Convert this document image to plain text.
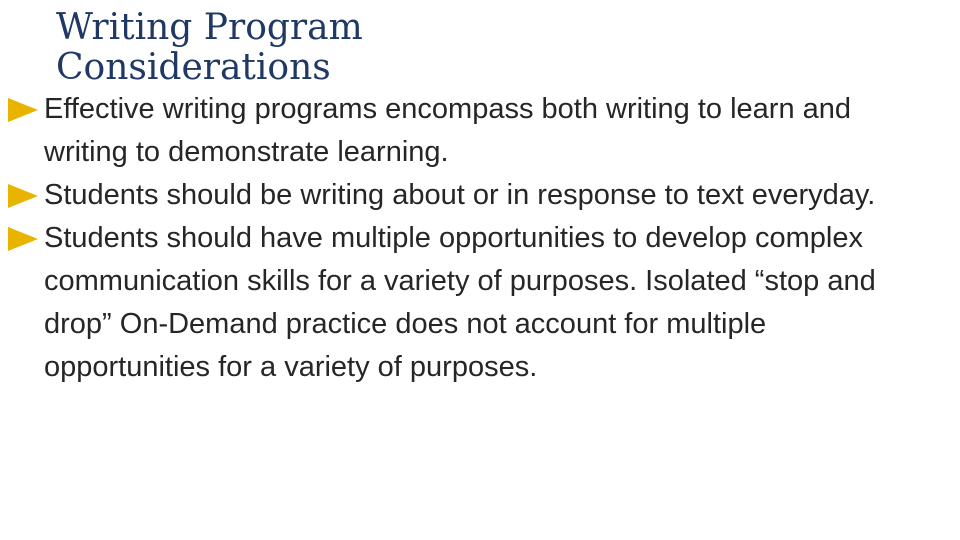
Writing Program Considerations
Effective writing programs encompass both writing to learn and writing to demonstrate learning.
Students should be writing about or in response to text everyday.
Students should have multiple opportunities to develop complex communication skills for a variety of purposes. Isolated “stop and drop” On-Demand practice does not account for multiple opportunities for a variety of purposes.
